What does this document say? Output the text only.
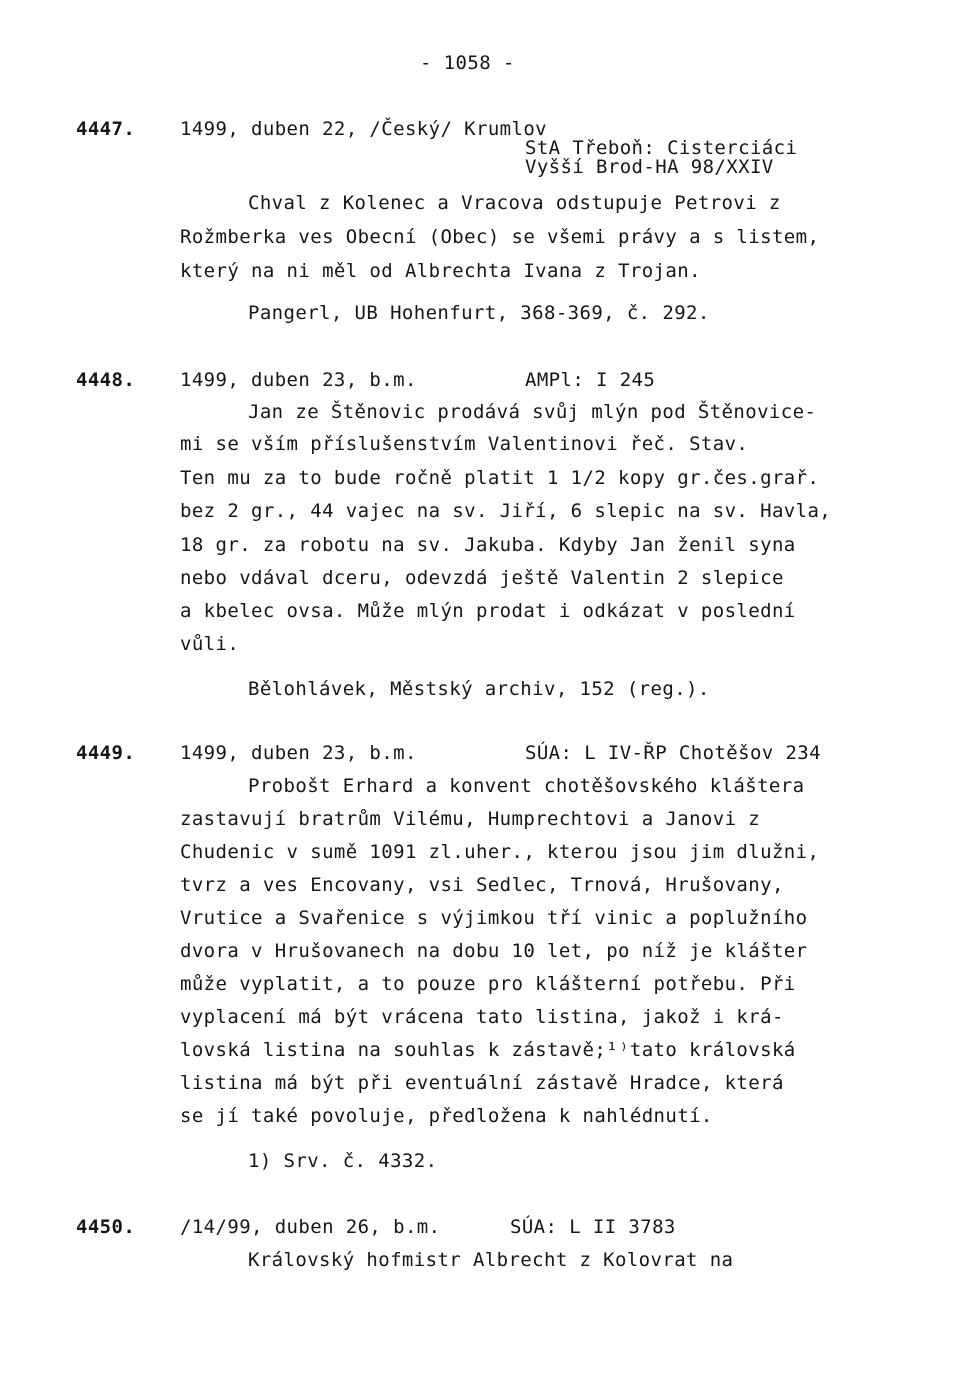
- 1058 -
4447. 1499, duben 22, /Český/ Krumlov
StA Třeboň: Cisterciáci
Vyšší Brod-HA 98/XXIV
Chval z Kolenec a Vracova odstupuje Petrovi z
Rožmberka ves Obecní (Obec) se všemi právy a s listem,
který na ni měl od Albrechta Ivana z Trojan.
Pangerl, UB Hohenfurt, 368-369, č. 292.
4448. 1499, duben 23, b.m.	AMPl: I 245
Jan ze Štěnovic prodává svůj mlýn pod Štěnovice-
mi se vším příslušenstvím Valentinovi řeč. Stav.
Ten mu za to bude ročně platit 1 1/2 kopy gr.čes.grař.
bez 2 gr., 44 vajec na sv. Jiří, 6 slepic na sv. Havla,
18 gr. za robotu na sv. Jakuba. Kdyby Jan ženil syna
nebo vdával dceru, odevzdá ještě Valentin 2 slepice
a kbelec ovsa. Může mlýn prodat i odkázat v poslední
vůli.
Bělohlávek, Městský archiv, 152 (reg.).
4449. 1499, duben 23, b.m.	SÚA: L IV-ŘP Chotěšov 234
Probošt Erhard a konvent chotěšovského kláštera
zastavují bratrům Vilému, Humprechtovi a Janovi z
Chudenic v sumě 1091 zl.uher., kterou jsou jim dlužni,
tvrz a ves Encovany, vsi Sedlec, Trnová, Hrušovany,
Vrutice a Svařenice s výjimkou tří vinic a poplužního
dvora v Hrušovanech na dobu 10 let, po níž je klášter
může vyplatit, a to pouze pro klášterní potřebu. Při
vyplacení má být vrácena tato listina, jakož i krá-
lovská listina na souhlas k zástavě;¹⁾tato královská
listina má být při eventuální zástavě Hradce, která
se jí také povoluje, předložena k nahlédnutí.
1) Srv. č. 4332.
4450. /14/99, duben 26, b.m.	SÚA: L II 3783
Královský hofmistr Albrecht z Kolovrat na
